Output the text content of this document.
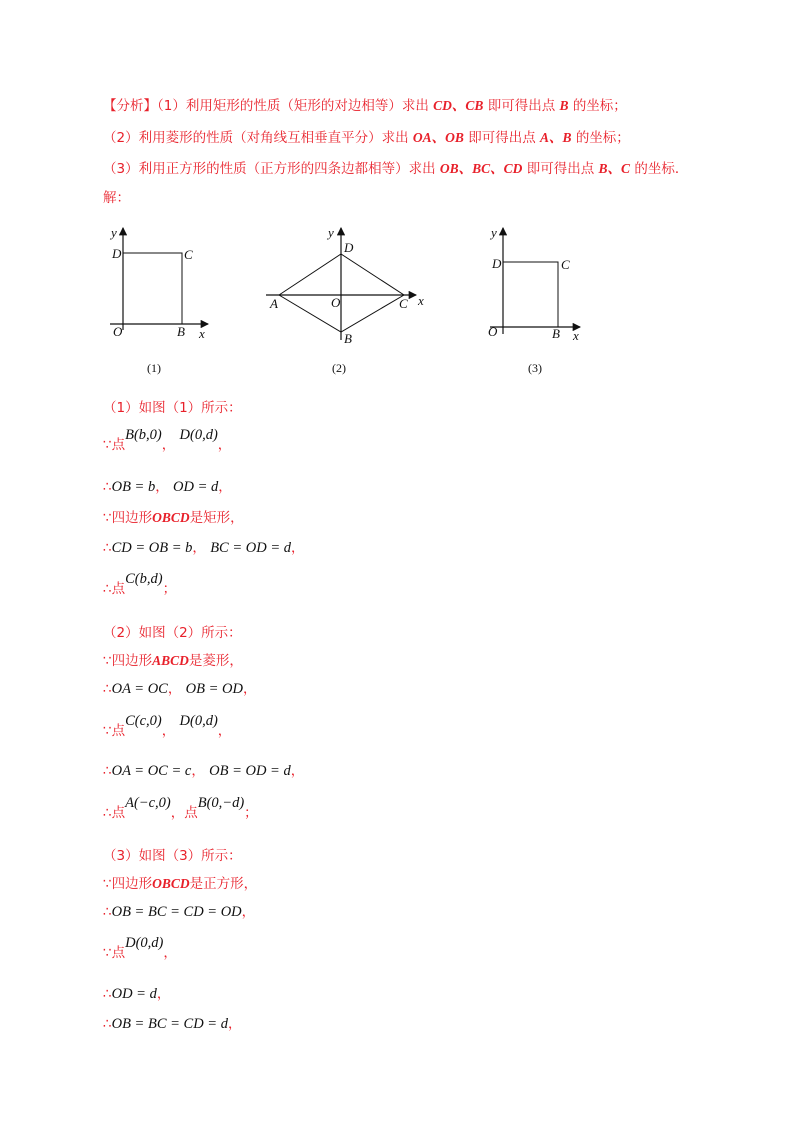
【分析】（1）利用矩形的性质（矩形的对边相等）求出 CD、CB 即可得出点 B 的坐标；
（2）利用菱形的性质（对角线互相垂直平分）求出 OA、OB 即可得出点 A、B 的坐标；
（3）利用正方形的性质（正方形的四条边都相等）求出 OB、BC、CD 即可得出点 B、C 的坐标．
解：
y
x
D	C
O	B
(1)
y
x
D
A	O	C
B
(2)
y
x
D	C
O	B
(3)
（1）如图（1）所示：
∵点B(b,0)， D(0,d)，
∴OB = b， OD = d，
∵四边形OBCD是矩形，
∴CD = OB = b， BC = OD = d，
∴点C(b,d)；
（2）如图（2）所示：
∵四边形ABCD是菱形，
∴OA = OC， OB = OD，
∵点C(c,0)， D(0,d)，
∴OA = OC = c， OB = OD = d，
∴点A(−c,0)，点B(0,−d)；
（3）如图（3）所示：
∵四边形OBCD是正方形，
∴OB = BC = CD = OD，
∵点D(0,d)，
∴OD = d，
∴OB = BC = CD = d，
